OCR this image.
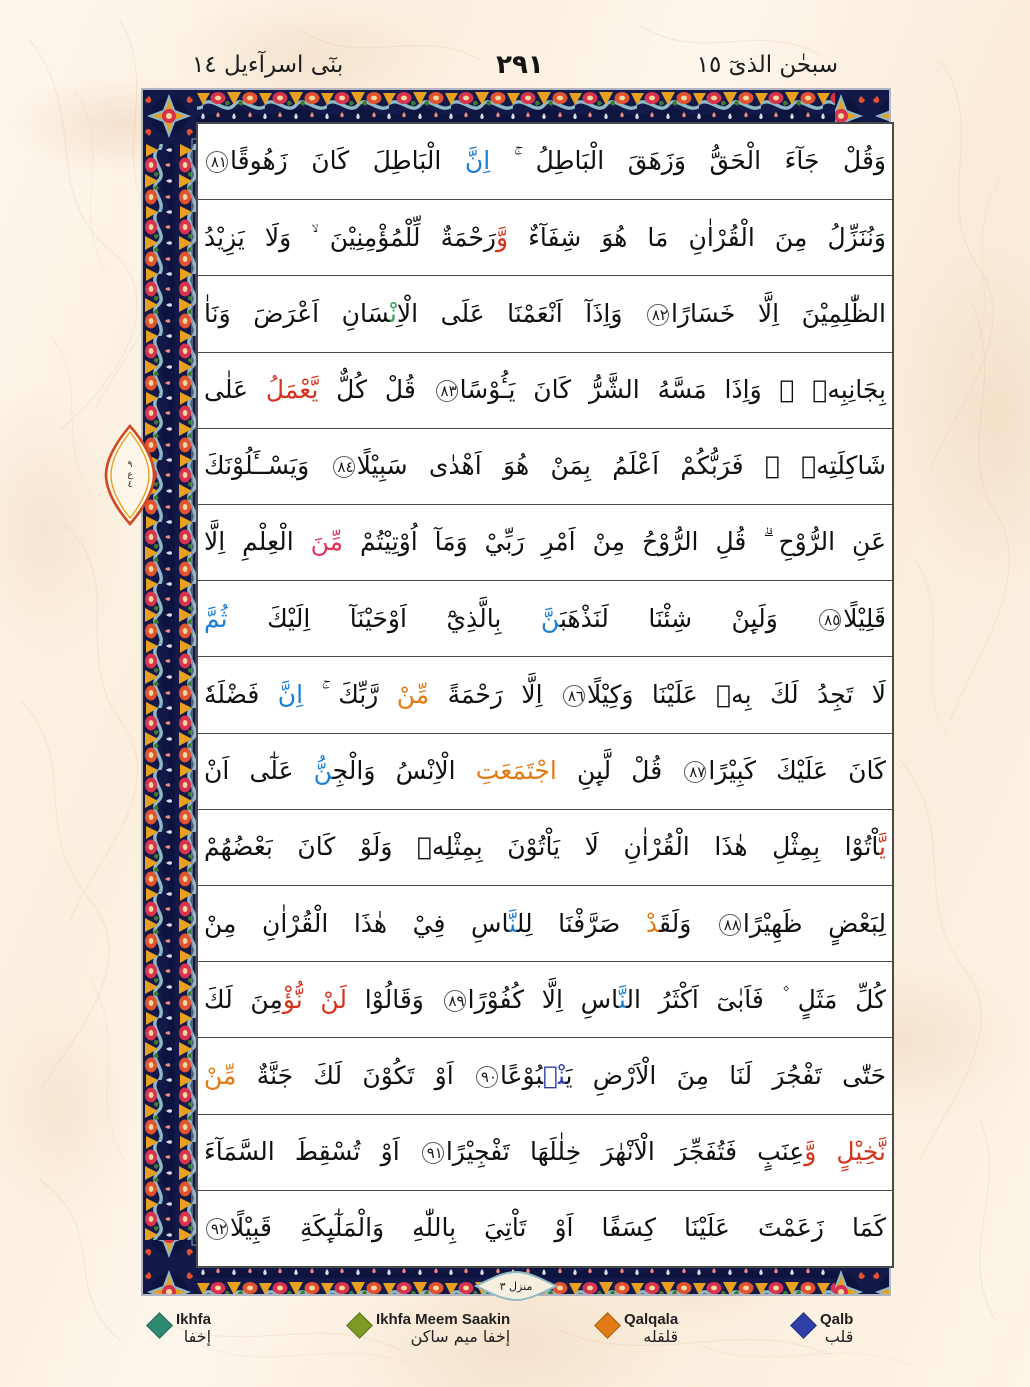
بنٓى اسرآءيل ١٤	٢٩١	سبحٰن الذىٓ ١٥
٩
ع
٤
منزل ٣
وَقُلْ جَآءَ الْحَقُّ وَزَهَقَ الْبَاطِلُ ۚ اِنَّ الْبَاطِلَ كَانَ زَهُوقًا٨١
وَنُنَزِّلُ مِنَ الْقُرْاٰنِ مَا هُوَ شِفَآءٌ وَّرَحْمَةٌ لِّلْمُؤْمِنِيْنَ ۙ وَلَا يَزِيْدُ
الظّٰلِمِيْنَ اِلَّا خَسَارًا٨٢ وَاِذَآ اَنْعَمْنَا عَلَى الْاِنْسَانِ اَعْرَضَ وَنَاٰ
بِجَانِبِهٖ ۚ وَاِذَا مَسَّهُ الشَّرُّ كَانَ يَـُٔوْسًا٨٣ قُلْ كُلٌّ يَّعْمَلُ عَلٰى
شَاكِلَتِهٖ ۚ فَرَبُّكُمْ اَعْلَمُ بِمَنْ هُوَ اَهْدٰى سَبِيْلًا٨٤ وَيَسْــَٔلُوْنَكَ
عَنِ الرُّوْحِ ۗ قُلِ الرُّوْحُ مِنْ اَمْرِ رَبِّيْ وَمَآ اُوْتِيْتُمْ مِّنَ الْعِلْمِ اِلَّا
قَلِيْلًا٨٥ وَلَىِٕنْ شِئْنَا لَنَذْهَبَنَّ بِالَّذِيْٓ اَوْحَيْنَآ اِلَيْكَ ثُمَّ
لَا تَجِدُ لَكَ بِهٖ عَلَيْنَا وَكِيْلًا٨٦ اِلَّا رَحْمَةً مِّنْ رَّبِّكَ ۚ اِنَّ فَضْلَهٗ
كَانَ عَلَيْكَ كَبِيْرًا٨٧ قُلْ لَّىِٕنِ اجْتَمَعَتِ الْاِنْسُ وَالْجِنُّ عَلٰٓى اَنْ
يَّاْتُوْا بِمِثْلِ هٰذَا الْقُرْاٰنِ لَا يَاْتُوْنَ بِمِثْلِهٖ وَلَوْ كَانَ بَعْضُهُمْ
لِبَعْضٍ ظَهِيْرًا٨٨ وَلَقَدْ صَرَّفْنَا لِلنَّاسِ فِيْ هٰذَا الْقُرْاٰنِ مِنْ
كُلِّ مَثَلٍ ۫ فَاَبٰىٓ اَكْثَرُ النَّاسِ اِلَّا كُفُوْرًا٨٩ وَقَالُوْا لَنْ نُّؤْمِنَ لَكَ
حَتّٰى تَفْجُرَ لَنَا مِنَ الْاَرْضِ يَنْۢبُوْعًا٩٠ اَوْ تَكُوْنَ لَكَ جَنَّةٌ مِّنْ
نَّخِيْلٍ وَّعِنَبٍ فَتُفَجِّرَ الْاَنْهٰرَ خِلٰلَهَا تَفْجِيْرًا٩١ اَوْ تُسْقِطَ السَّمَآءَ
كَمَا زَعَمْتَ عَلَيْنَا كِسَفًا اَوْ تَاْتِيَ بِاللّٰهِ وَالْمَلٰٓىِٕكَةِ قَبِيْلًا٩٢
Ikhfa
إخفا
Ikhfa Meem Saakin
إخفا ميم ساكن
Qalqala
قلقله
Qalb
قلب
